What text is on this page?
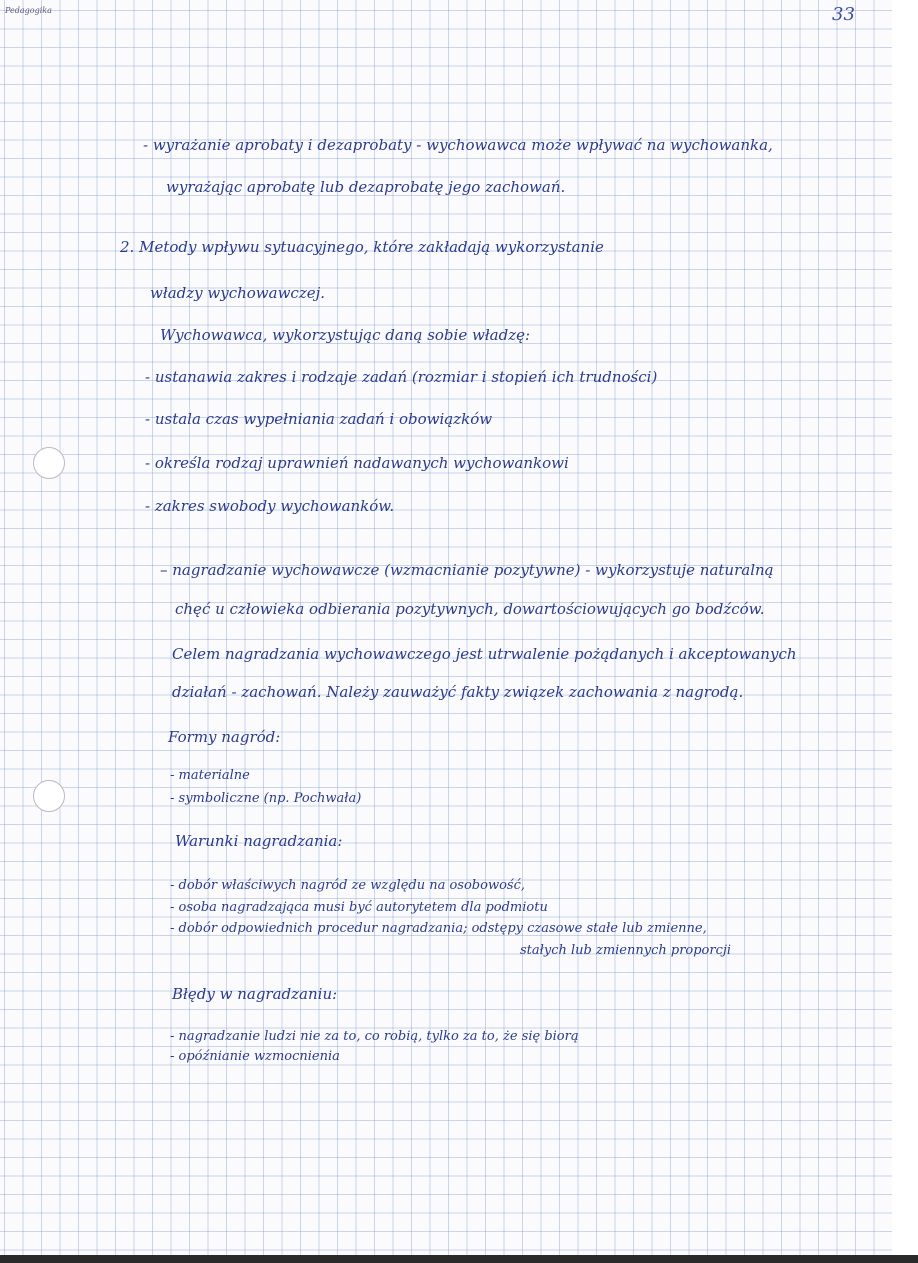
Pedagogika	33
- wyrażanie aprobaty i dezaprobaty - wychowawca może wpływać na wychowanka,
wyrażając aprobatę lub dezaprobatę jego zachowań.
2. Metody wpływu sytuacyjnego, które zakładają wykorzystanie
władzy wychowawczej.
Wychowawca, wykorzystując daną sobie władzę:
- ustanawia zakres i rodzaje zadań (rozmiar i stopień ich trudności)
- ustala czas wypełniania zadań i obowiązków
- określa rodzaj uprawnień nadawanych wychowankowi
- zakres swobody wychowanków.
– nagradzanie wychowawcze (wzmacnianie pozytywne) - wykorzystuje naturalną
chęć u człowieka odbierania pozytywnych, dowartościowujących go bodźców.
Celem nagradzania wychowawczego jest utrwalenie pożądanych i akceptowanych
działań - zachowań. Należy zauważyć fakty związek zachowania z nagrodą.
Formy nagród:
- materialne
- symboliczne (np. Pochwała)
Warunki nagradzania:
- dobór właściwych nagród ze względu na osobowość,
- osoba nagradzająca musi być autorytetem dla podmiotu
- dobór odpowiednich procedur nagradzania; odstępy czasowe stałe lub zmienne,
stałych lub zmiennych proporcji
Błędy w nagradzaniu:
- nagradzanie ludzi nie za to, co robią, tylko za to, że się biorą
- opóźnianie wzmocnienia
